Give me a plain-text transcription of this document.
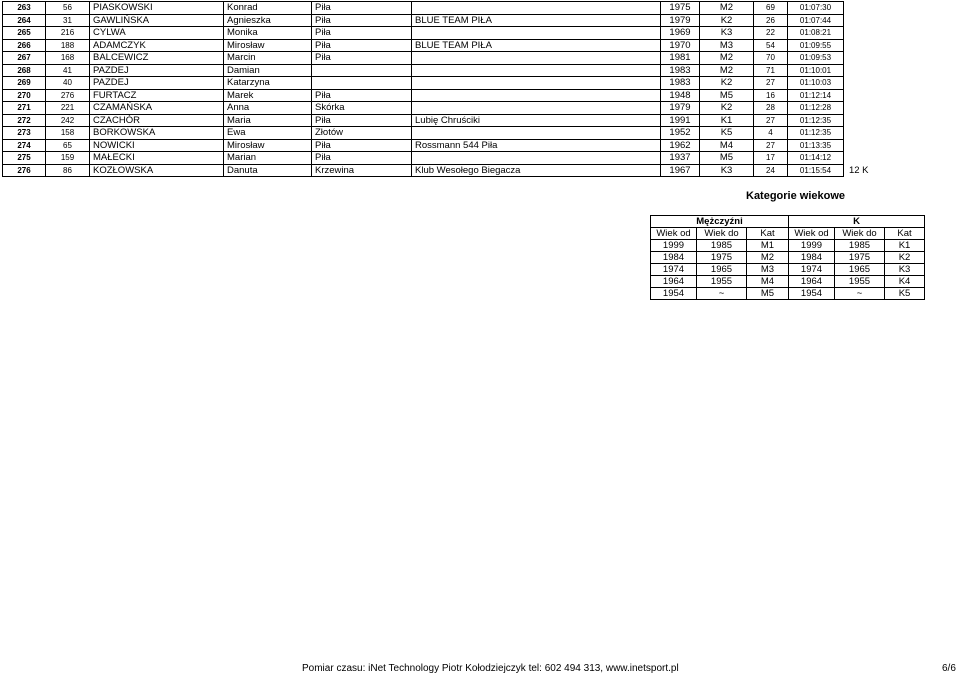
263	56	PIASKOWSKI	Konrad	Piła		1975	M2	69	01:07:30	
264	31	GAWLIŃSKA	Agnieszka	Piła	BLUE TEAM PIŁA	1979	K2	26	01:07:44	
265	216	CYLWA	Monika	Piła		1969	K3	22	01:08:21	
266	188	ADAMCZYK	Mirosław	Piła	BLUE TEAM PIŁA	1970	M3	54	01:09:55	
267	168	BALCEWICZ	Marcin	Piła		1981	M2	70	01:09:53	
268	41	PAZDEJ	Damian			1983	M2	71	01:10:01	
269	40	PAZDEJ	Katarzyna			1983	K2	27	01:10:03	
270	276	FURTACZ	Marek	Piła		1948	M5	16	01:12:14	
271	221	CZAMAŃSKA	Anna	Skórka		1979	K2	28	01:12:28	
272	242	CZACHÓR	Maria	Piła	Lubię Chruściki	1991	K1	27	01:12:35	
273	158	BORKOWSKA	Ewa	Złotów		1952	K5	4	01:12:35	
274	65	NOWICKI	Mirosław	Piła	Rossmann 544 Piła	1962	M4	27	01:13:35	
275	159	MAŁECKI	Marian	Piła		1937	M5	17	01:14:12	
276	86	KOZŁOWSKA	Danuta	Krzewina	Klub Wesołego Biegacza	1967	K3	24	01:15:54	12 K
Kategorie wiekowe
Mężczyźni			K		
Wiek od	Wiek do	Kat	Wiek od	Wiek do	Kat
1999	1985	M1	1999	1985	K1
1984	1975	M2	1984	1975	K2
1974	1965	M3	1974	1965	K3
1964	1955	M4	1964	1955	K4
1954	~	M5	1954	~	K5
Pomiar czasu: iNet Technology Piotr Kołodziejczyk tel: 602 494 313, www.inetsport.pl	6/6
